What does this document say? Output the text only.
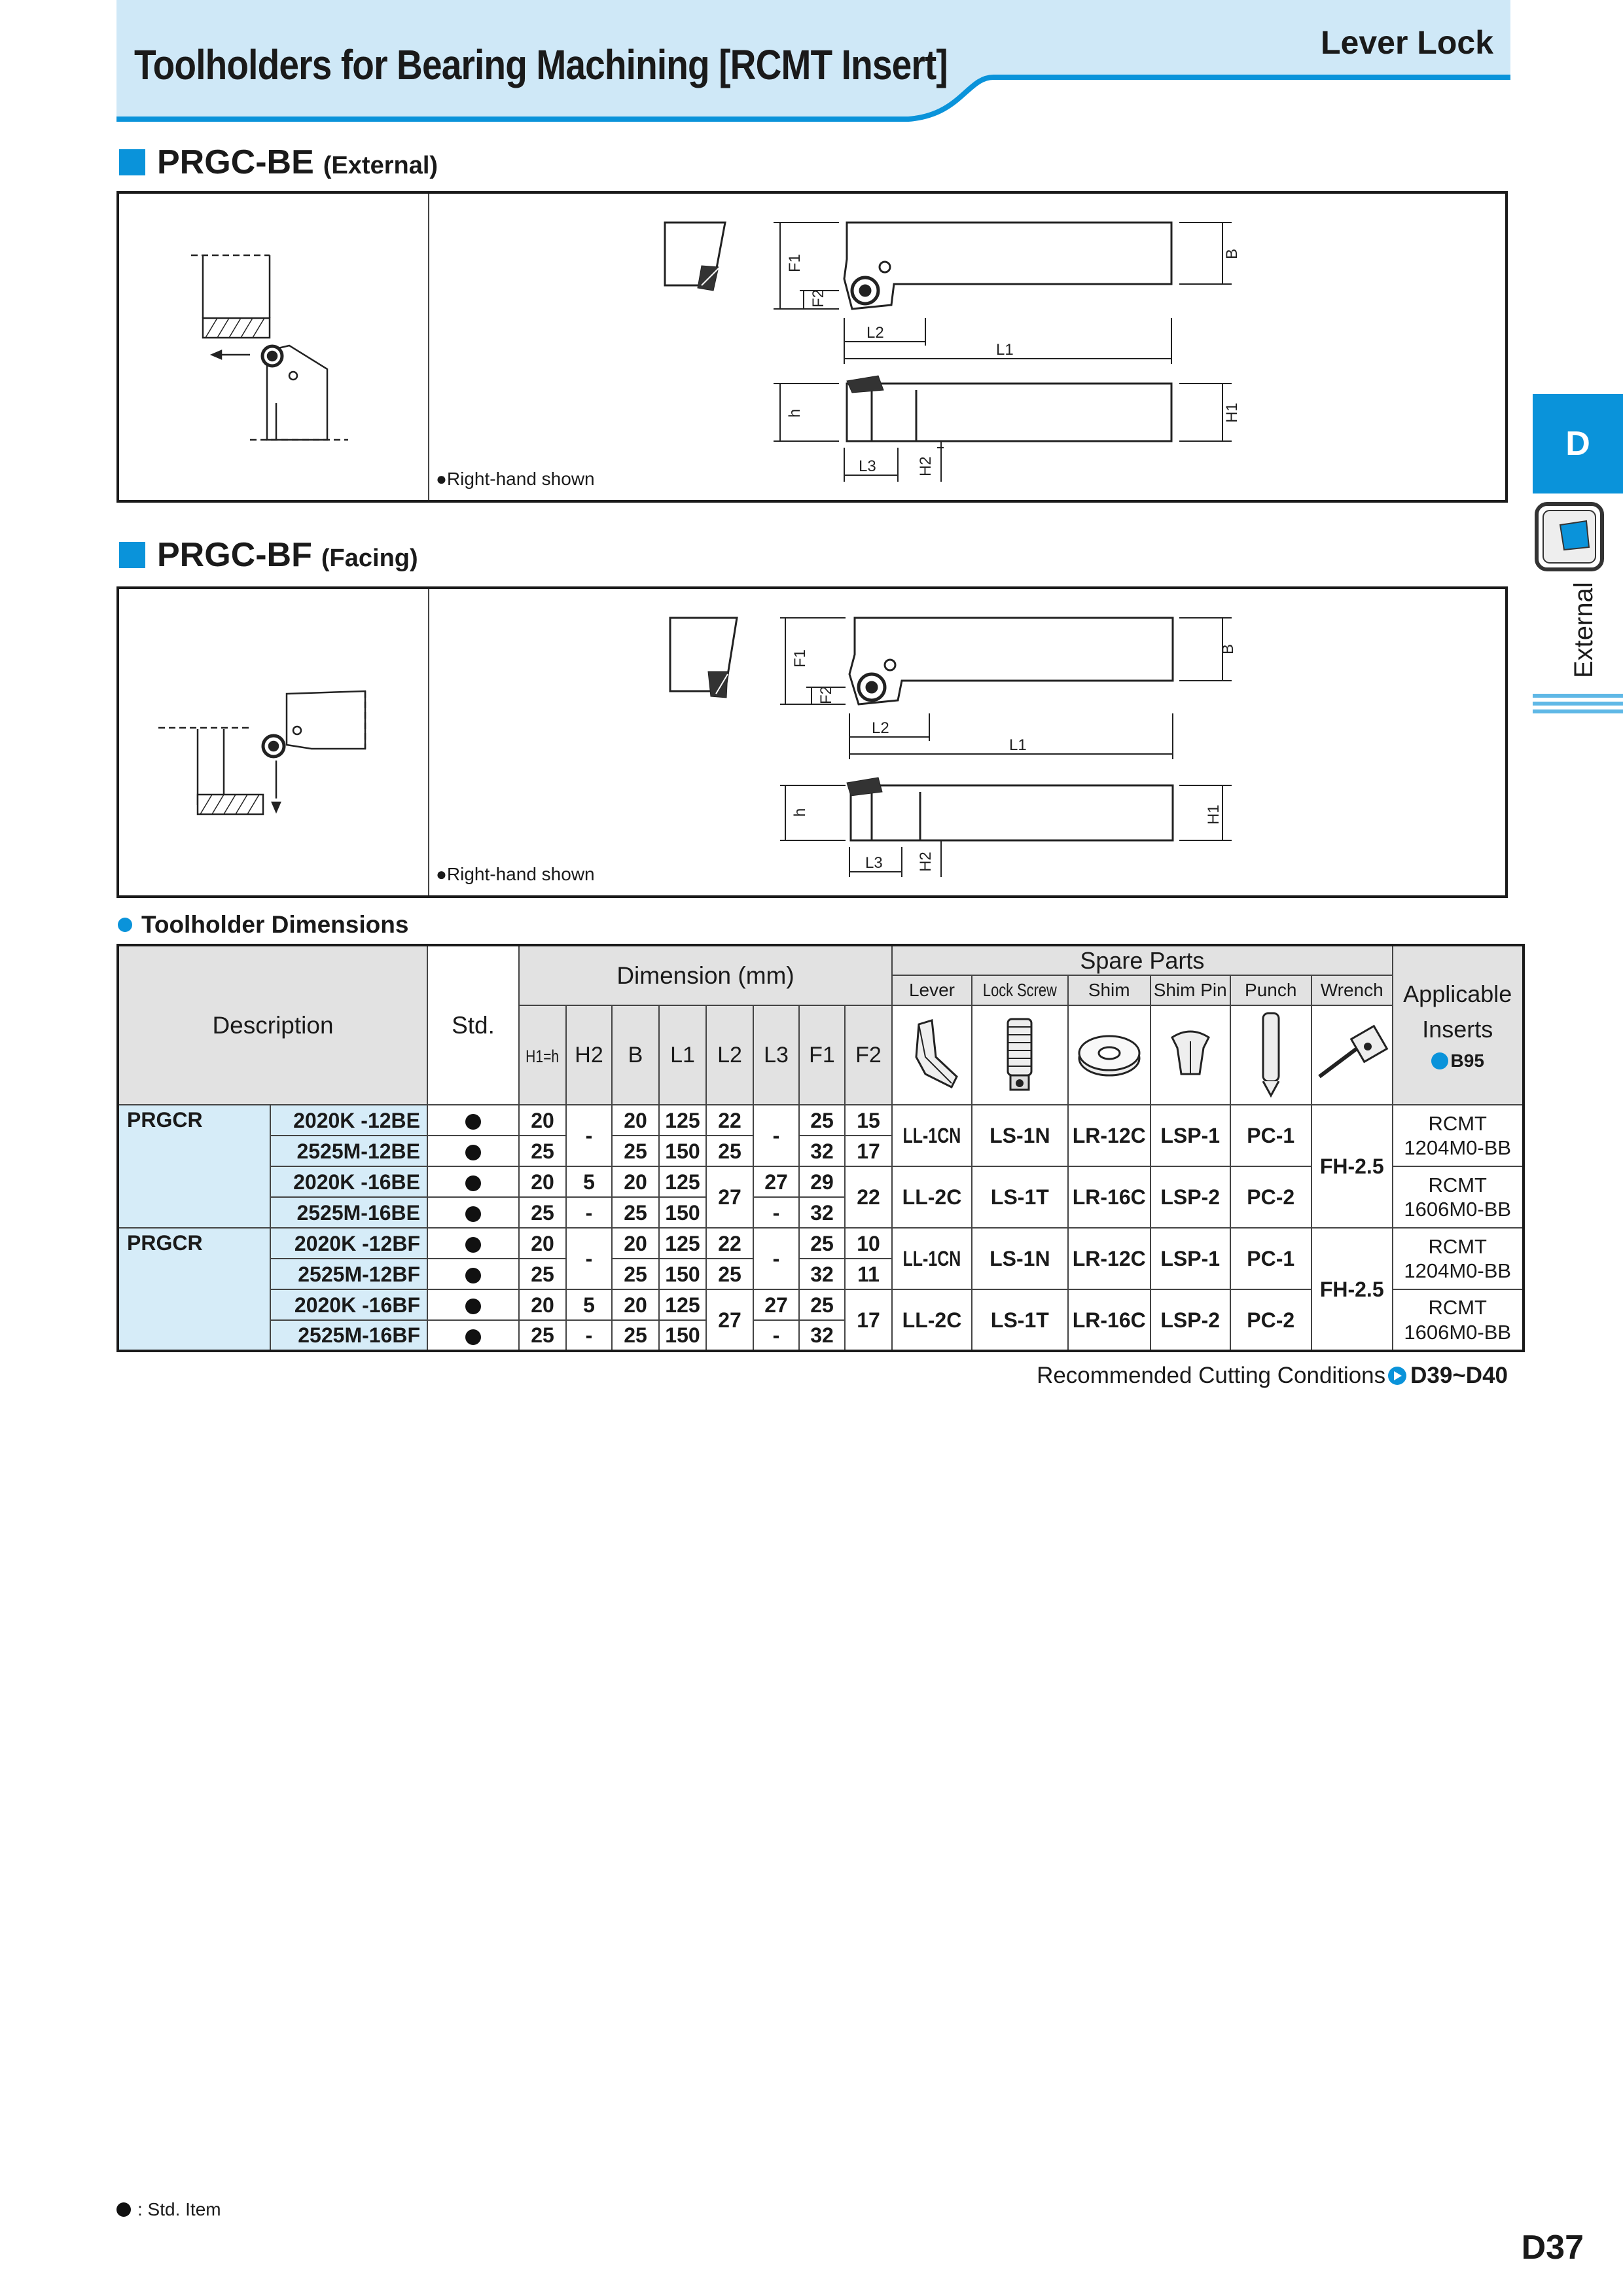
Toolholders for Bearing Machining [RCMT Insert]	Lever Lock
D
External
PRGC-BE (External)
F1
F2
B
L2
L1
h	H1
L3	H2
●Right-hand shown
PRGC-BF (Facing)
F1
F2
B
L2
L1
h	H1
L3 H2
●Right-hand shown
Toolholder Dimensions
Description		Std.	Dimension (mm)								Spare Parts						Applicable
Inserts
B95

											Lever	Lock Screw	Shim	Shim Pin	Punch	Wrench	
			H1=h	H2	B	L1	L2	L3	F1	F2						
PRGCR	2020K -12BE		20	-	20	125	22	-	25	15	LL-1CN	LS-1N	LR-12C	LSP-1	PC-1	FH-2.5	RCMT
1204M0-BB

	2525M-12BE		25		25	150	25		32	17							
	2020K -16BE		20	5	20	125	27	27	29	22	LL-2C	LS-1T	LR-16C	LSP-2	PC-2		RCMT
1606M0-BB

	2525M-16BE		25	-	25	150		-	32								
PRGCR	2020K -12BF		20	-	20	125	22	-	25	10	LL-1CN	LS-1N	LR-12C	LSP-1	PC-1	FH-2.5	RCMT
1204M0-BB

	2525M-12BF		25		25	150	25		32	11							
	2020K -16BF		20	5	20	125	27	27	25	17	LL-2C	LS-1T	LR-16C	LSP-2	PC-2		RCMT
1606M0-BB

	2525M-16BF		25	-	25	150		-	32								
Recommended Cutting Conditions D39~D40
: Std. Item
D37
